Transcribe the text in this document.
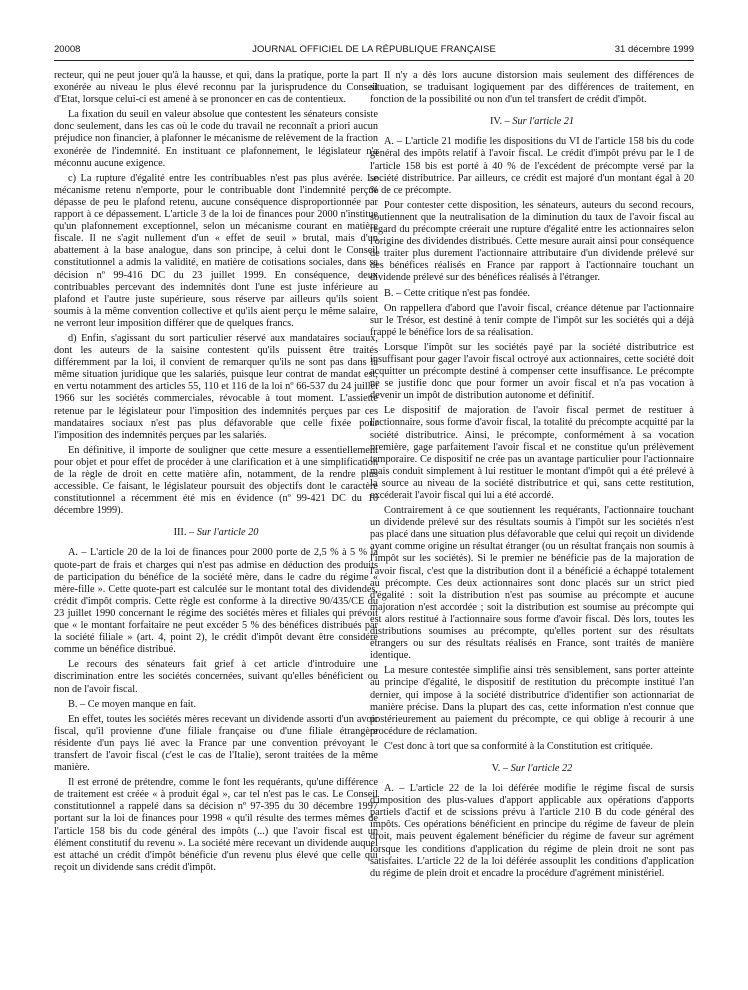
20008	JOURNAL OFFICIEL DE LA RÉPUBLIQUE FRANÇAISE	31 décembre 1999

recteur, qui ne peut jouer qu'à la hausse, et qui, dans la pratique, porte la part exonérée au niveau le plus élevé reconnu par la jurisprudence du Conseil d'Etat, lorsque celui-ci est amené à se prononcer en cas de contentieux.

La fixation du seuil en valeur absolue que contestent les sénateurs consiste donc seulement, dans les cas où le code du travail ne reconnaît a priori aucun préjudice non financier, à plafonner le mécanisme de relèvement de la fraction exonérée de l'indemnité. En instituant ce plafonnement, le législateur n'a méconnu aucune exigence.

c) La rupture d'égalité entre les contribuables n'est pas plus avérée. Le mécanisme retenu n'emporte, pour le contribuable dont l'indemnité perçue dépasse de peu le plafond retenu, aucune conséquence disproportionnée par rapport à ce dépassement. L'article 3 de la loi de finances pour 2000 n'institue qu'un plafonnement exceptionnel, selon un mécanisme courant en matière fiscale. Il ne s'agit nullement d'un « effet de seuil » brutal, mais d'un abattement à la base analogue, dans son principe, à celui dont le Conseil constitutionnel a admis la validité, en matière de cotisations sociales, dans sa décision nº 99-416 DC du 23 juillet 1999. En conséquence, deux contribuables percevant des indemnités dont l'une est juste inférieure au plafond et l'autre juste supérieure, sous réserve par ailleurs qu'ils soient soumis à la même convention collective et qu'ils aient perçu le même salaire, ne verront leur imposition différer que de quelques francs.

d) Enfin, s'agissant du sort particulier réservé aux mandataires sociaux, dont les auteurs de la saisine contestent qu'ils puissent être traités différemment par la loi, il convient de remarquer qu'ils ne sont pas dans la même situation juridique que les salariés, puisque leur contrat de mandat est, en vertu notamment des articles 55, 110 et 116 de la loi nº 66-537 du 24 juillet 1966 sur les sociétés commerciales, révocable à tout moment. L'assiette retenue par le législateur pour l'imposition des indemnités perçues par ces mandataires sociaux n'est pas plus défavorable que celle fixée pour l'imposition des indemnités perçues par les salariés.

En définitive, il importe de souligner que cette mesure a essentiellement pour objet et pour effet de procéder à une clarification et à une simplification de la règle de droit en cette matière afin, notamment, de la rendre plus accessible. Ce faisant, le législateur poursuit des objectifs dont le caractère constitutionnel a récemment été mis en évidence (nº 99-421 DC du 16 décembre 1999).

III. – Sur l'article 20

A. – L'article 20 de la loi de finances pour 2000 porte de 2,5 % à 5 % la quote-part de frais et charges qui n'est pas admise en déduction des produits de participation du bénéfice de la société mère, dans le cadre du régime « mère-fille ». Cette quote-part est calculée sur le montant total des dividendes, crédit d'impôt compris. Cette règle est conforme à la directive 90/435/CE du 23 juillet 1990 concernant le régime des sociétés mères et filiales qui prévoit que « le montant forfaitaire ne peut excéder 5 % des bénéfices distribués par la société filiale » (art. 4, point 2), le crédit d'impôt devant être considéré comme un bénéfice distribué.

Le recours des sénateurs fait grief à cet article d'introduire une discrimination entre les sociétés concernées, suivant qu'elles bénéficient ou non de l'avoir fiscal.

B. – Ce moyen manque en fait.

En effet, toutes les sociétés mères recevant un dividende assorti d'un avoir fiscal, qu'il provienne d'une filiale française ou d'une filiale étrangère résidente d'un pays lié avec la France par une convention prévoyant le transfert de l'avoir fiscal (c'est le cas de l'Italie), seront traitées de la même manière.

Il est erroné de prétendre, comme le font les requérants, qu'une différence de traitement est créée « à produit égal », car tel n'est pas le cas. Le Conseil constitutionnel a rappelé dans sa décision nº 97-395 du 30 décembre 1997 portant sur la loi de finances pour 1998 « qu'il résulte des termes mêmes de l'article 158 bis du code général des impôts (...) que l'avoir fiscal est un élément constitutif du revenu ». La société mère recevant un dividende auquel est attaché un crédit d'impôt bénéficie d'un revenu plus élevé que celle qui reçoit un dividende sans crédit d'impôt.

Il n'y a dès lors aucune distorsion mais seulement des différences de situation, se traduisant logiquement par des différences de traitement, en fonction de la possibilité ou non d'un tel transfert de crédit d'impôt.

IV. – Sur l'article 21

A. – L'article 21 modifie les dispositions du VI de l'article 158 bis du code général des impôts relatif à l'avoir fiscal. Le crédit d'impôt prévu par le I de l'article 158 bis est porté à 40 % de l'excédent de précompte versé par la société distributrice. Par ailleurs, ce crédit est majoré d'un montant égal à 20 % de ce précompte.

Pour contester cette disposition, les sénateurs, auteurs du second recours, soutiennent que la neutralisation de la diminution du taux de l'avoir fiscal au regard du précompte créerait une rupture d'égalité entre les actionnaires selon l'origine des dividendes distribués. Cette mesure aurait ainsi pour conséquence de traiter plus durement l'actionnaire attributaire d'un dividende prélevé sur des bénéfices réalisés en France par rapport à l'actionnaire touchant un dividende prélevé sur des bénéfices réalisés à l'étranger.

B. – Cette critique n'est pas fondée.

On rappellera d'abord que l'avoir fiscal, créance détenue par l'actionnaire sur le Trésor, est destiné à tenir compte de l'impôt sur les sociétés qui a déjà frappé le bénéfice lors de sa réalisation.

Lorsque l'impôt sur les sociétés payé par la société distributrice est insuffisant pour gager l'avoir fiscal octroyé aux actionnaires, cette société doit acquitter un précompte destiné à compenser cette insuffisance. Le précompte ne se justifie donc que pour former un avoir fiscal et n'a pas vocation à devenir un impôt de distribution autonome et définitif.

Le dispositif de majoration de l'avoir fiscal permet de restituer à l'actionnaire, sous forme d'avoir fiscal, la totalité du précompte acquitté par la société distributrice. Ainsi, le précompte, conformément à sa vocation première, gage parfaitement l'avoir fiscal et ne constitue qu'un prélèvement temporaire. Ce dispositif ne crée pas un avantage particulier pour l'actionnaire mais conduit simplement à lui restituer le montant d'impôt qui a été prélevé à la source au niveau de la société distributrice et qui, sans cette restitution, excéderait l'avoir fiscal qui lui a été accordé.

Contrairement à ce que soutiennent les requérants, l'actionnaire touchant un dividende prélevé sur des résultats soumis à l'impôt sur les sociétés n'est pas placé dans une situation plus défavorable que celui qui reçoit un dividende ayant comme origine un résultat étranger (ou un résultat français non soumis à l'impôt sur les sociétés). Si le premier ne bénéficie pas de la majoration de l'avoir fiscal, c'est que la distribution dont il a bénéficié a échappé totalement au précompte. Ces deux actionnaires sont donc placés sur un strict pied d'égalité : soit la distribution n'est pas soumise au précompte et aucune majoration n'est accordée ; soit la distribution est soumise au précompte qui est alors restitué à l'actionnaire sous forme d'avoir fiscal. Dès lors, toutes les distributions soumises au précompte, qu'elles portent sur des résultats étrangers ou sur des résultats réalisés en France, sont traités de manière identique.

La mesure contestée simplifie ainsi très sensiblement, sans porter atteinte au principe d'égalité, le dispositif de restitution du précompte institué l'an dernier, qui impose à la société distributrice d'identifier son actionnariat de manière précise. Dans la plupart des cas, cette information n'est connue que postérieurement au paiement du précompte, ce qui oblige à recourir à une procédure de réclamation.

C'est donc à tort que sa conformité à la Constitution est critiquée.

V. – Sur l'article 22

A. – L'article 22 de la loi déférée modifie le régime fiscal de sursis d'imposition des plus-values d'apport applicable aux opérations d'apports partiels d'actif et de scissions prévu à l'article 210 B du code général des impôts. Ces opérations bénéficient en principe du régime de faveur de plein droit, mais peuvent également bénéficier du régime de faveur sur agrément lorsque les conditions d'application du régime de plein droit ne sont pas satisfaites. L'article 22 de la loi déférée assouplit les conditions d'application du régime de plein droit et encadre la procédure d'agrément ministériel.
